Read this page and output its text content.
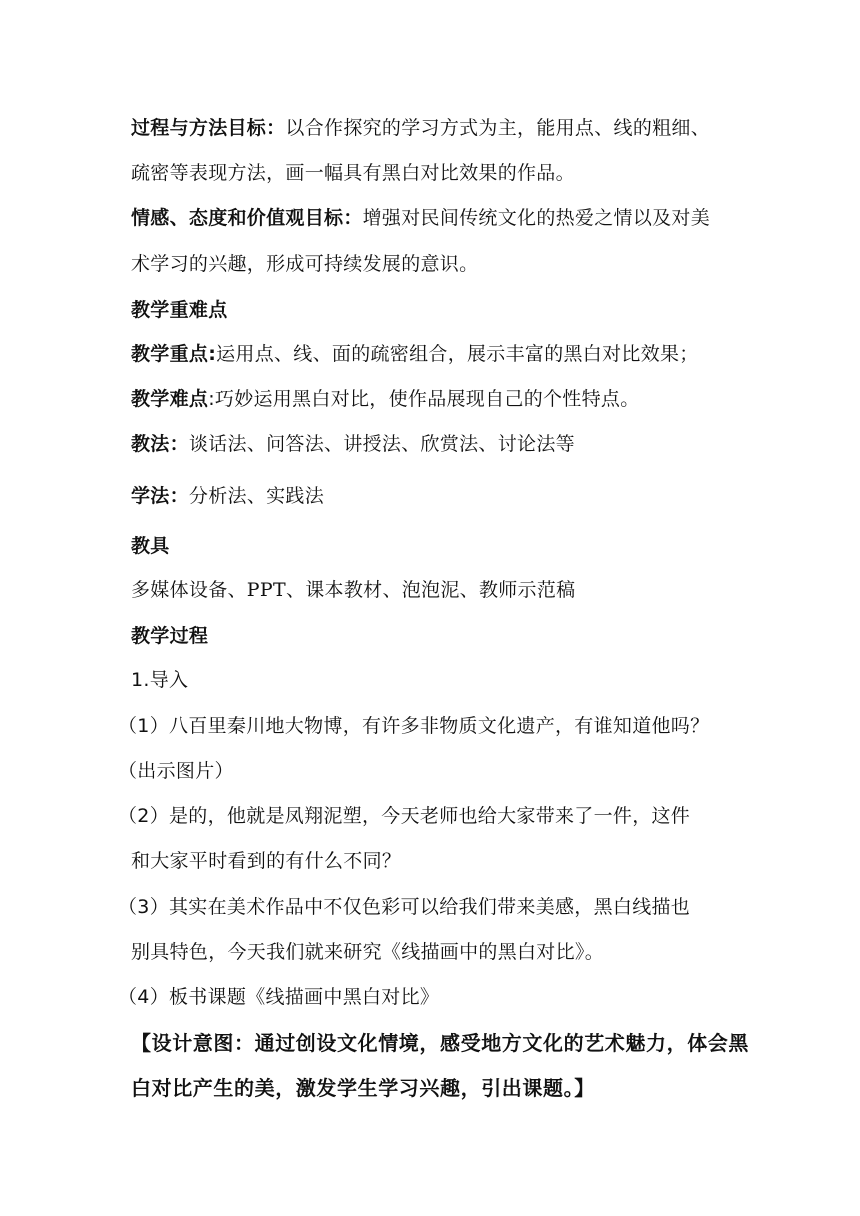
过程与方法目标：以合作探究的学习方式为主，能用点、线的粗细、
疏密等表现方法，画一幅具有黑白对比效果的作品。
情感、态度和价值观目标：增强对民间传统文化的热爱之情以及对美
术学习的兴趣，形成可持续发展的意识。
教学重难点
教学重点:运用点、线、面的疏密组合，展示丰富的黑白对比效果；
教学难点:巧妙运用黑白对比，使作品展现自己的个性特点。
教法：谈话法、问答法、讲授法、欣赏法、讨论法等
学法：分析法、实践法
教具
多媒体设备、PPT、课本教材、泡泡泥、教师示范稿
教学过程
1.导入
（1）八百里秦川地大物博，有许多非物质文化遗产，有谁知道他吗？
（出示图片）
（2）是的，他就是凤翔泥塑，今天老师也给大家带来了一件，这件
和大家平时看到的有什么不同？
（3）其实在美术作品中不仅色彩可以给我们带来美感，黑白线描也
别具特色，今天我们就来研究《线描画中的黑白对比》。
（4）板书课题《线描画中黑白对比》
【设计意图：通过创设文化情境，感受地方文化的艺术魅力，体会黑
白对比产生的美，激发学生学习兴趣，引出课题。】
